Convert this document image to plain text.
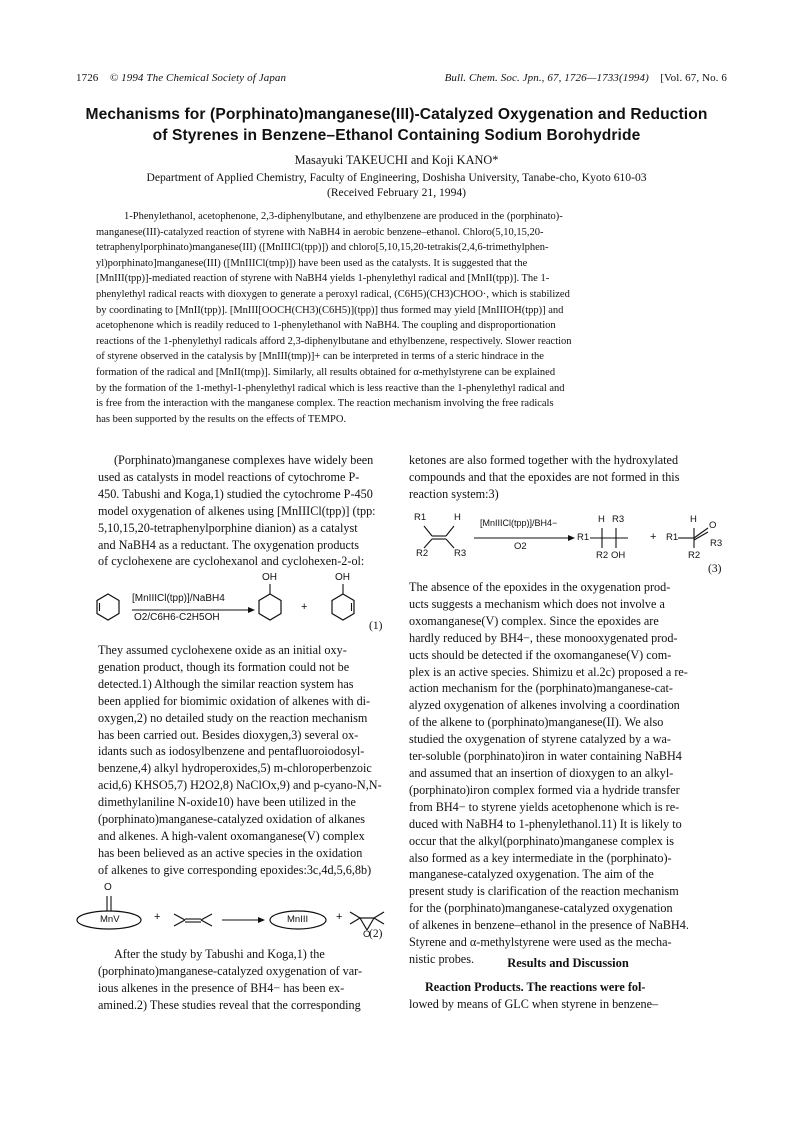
1726 © 1994 The Chemical Society of Japan	Bull. Chem. Soc. Jpn., 67, 1726—1733(1994) [Vol. 67, No. 6
Mechanisms for (Porphinato)manganese(III)-Catalyzed Oxygenation and Reduction
of Styrenes in Benzene–Ethanol Containing Sodium Borohydride
Masayuki TAKEUCHI and Koji KANO*
Department of Applied Chemistry, Faculty of Engineering, Doshisha University, Tanabe-cho, Kyoto 610-03
(Received February 21, 1994)
1-Phenylethanol, acetophenone, 2,3-diphenylbutane, and ethylbenzene are produced in the (porphinato)-
manganese(III)-catalyzed reaction of styrene with NaBH4 in aerobic benzene–ethanol. Chloro(5,10,15,20-
tetraphenylporphinato)manganese(III) ([MnIIICl(tpp)]) and chloro[5,10,15,20-tetrakis(2,4,6-trimethylphen-
yl)porphinato]manganese(III) ([MnIIICl(tmp)]) have been used as the catalysts. It is suggested that the
[MnIII(tpp)]-mediated reaction of styrene with NaBH4 yields 1-phenylethyl radical and [MnII(tpp)]. The 1-
phenylethyl radical reacts with dioxygen to generate a peroxyl radical, (C6H5)(CH3)CHOO·, which is stabilized
by coordinating to [MnII(tpp)]. [MnIII[OOCH(CH3)(C6H5)](tpp)] thus formed may yield [MnIIIOH(tpp)] and
acetophenone which is readily reduced to 1-phenylethanol with NaBH4. The coupling and disproportionation
reactions of the 1-phenylethyl radicals afford 2,3-diphenylbutane and ethylbenzene, respectively. Slower reaction
of styrene observed in the catalysis by [MnIII(tmp)]+ can be interpreted in terms of a steric hindrace in the
formation of the radical and [MnII(tmp)]. Similarly, all results obtained for α-methylstyrene can be explained
by the formation of the 1-methyl-1-phenylethyl radical which is less reactive than the 1-phenylethyl radical and
is free from the interaction with the manganese complex. The reaction mechanism involving the free radicals
has been supported by the results on the effects of TEMPO.
(Porphinato)manganese complexes have widely been
used as catalysts in model reactions of cytochrome P-
450. Tabushi and Koga,1) studied the cytochrome P-450
model oxygenation of alkenes using [MnIIICl(tpp)] (tpp:
5,10,15,20-tetraphenylporphine dianion) as a catalyst
and NaBH4 as a reductant. The oxygenation products
of cyclohexene are cyclohexanol and cyclohexen-2-ol:
[MnIIICl(tpp)]/NaBH4
O2/C6H6-C2H5OH
OH	OH
+
(1)
They assumed cyclohexene oxide as an initial oxy-
genation product, though its formation could not be
detected.1) Although the similar reaction system has
been applied for biomimic oxidation of alkenes with di-
oxygen,2) no detailed study on the reaction mechanism
has been carried out. Besides dioxygen,3) several ox-
idants such as iodosylbenzene and pentafluoroiodosyl-
benzene,4) alkyl hydroperoxides,5) m-chloroperbenzoic
acid,6) KHSO5,7) H2O2,8) NaClOx,9) and p-cyano-N,N-
dimethylaniline N-oxide10) have been utilized in the
(porphinato)manganese-catalyzed oxidation of alkanes
and alkenes. A high-valent oxomanganese(V) complex
has been believed as an active species in the oxidation
of alkenes to give corresponding epoxides:3c,4d,5,6,8b)
O
MnV	+	MnIII	+
O
(2)
After the study by Tabushi and Koga,1) the
(porphinato)manganese-catalyzed oxygenation of var-
ious alkenes in the presence of BH4− has been ex-
amined.2) These studies reveal that the corresponding
ketones are also formed together with the hydroxylated
compounds and that the epoxides are not formed in this
reaction system:3)
R1	H
R2	R3
[MnIIICl(tpp)]/BH4−
O2
H R3
R1
R2 OH
+
H
O
R1
R2
R3
(3)
The absence of the epoxides in the oxygenation prod-
ucts suggests a mechanism which does not involve a
oxomanganese(V) complex. Since the epoxides are
hardly reduced by BH4−, these monooxygenated prod-
ucts should be detected if the oxomanganese(V) com-
plex is an active species. Shimizu et al.2c) proposed a re-
action mechanism for the (porphinato)manganese-cat-
alyzed oxygenation of alkenes involving a coordination
of the alkene to (porphinato)manganese(II). We also
studied the oxygenation of styrene catalyzed by a wa-
ter-soluble (porphinato)iron in water containing NaBH4
and assumed that an insertion of dioxygen to an alkyl-
(porphinato)iron complex formed via a hydride transfer
from BH4− to styrene yields acetophenone which is re-
duced with NaBH4 to 1-phenylethanol.11) It is likely to
occur that the alkyl(porphinato)manganese complex is
also formed as a key intermediate in the (porphinato)-
manganese-catalyzed oxygenation. The aim of the
present study is clarification of the reaction mechanism
for the (porphinato)manganese-catalyzed oxygenation
of alkenes in benzene–ethanol in the presence of NaBH4.
Styrene and α-methylstyrene were used as the mecha-
nistic probes.	Results and Discussion
Reaction Products. The reactions were fol-
lowed by means of GLC when styrene in benzene–
